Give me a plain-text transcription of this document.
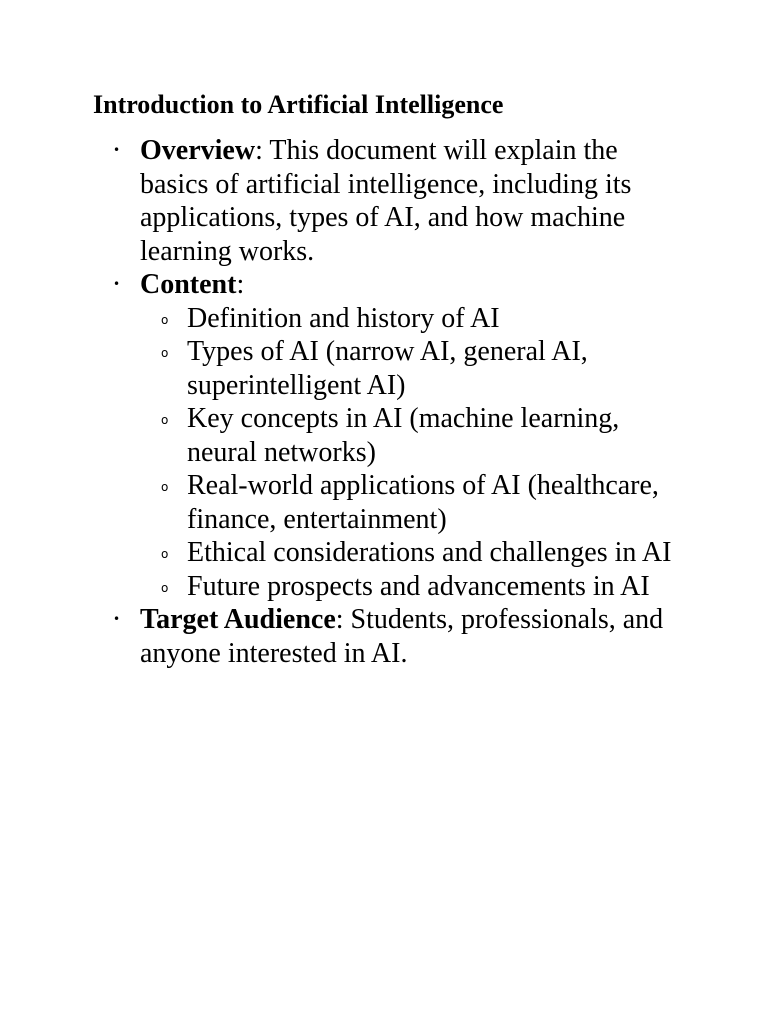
Introduction to Artificial Intelligence
• Overview: This document will explain the basics of artificial intelligence, including its applications, types of AI, and how machine learning works.
• Content:
o Definition and history of AI
o Types of AI (narrow AI, general AI, superintelligent AI)
o Key concepts in AI (machine learning, neural networks)
o Real-world applications of AI (healthcare, finance, entertainment)
o Ethical considerations and challenges in AI
o Future prospects and advancements in AI
• Target Audience: Students, professionals, and anyone interested in AI.
